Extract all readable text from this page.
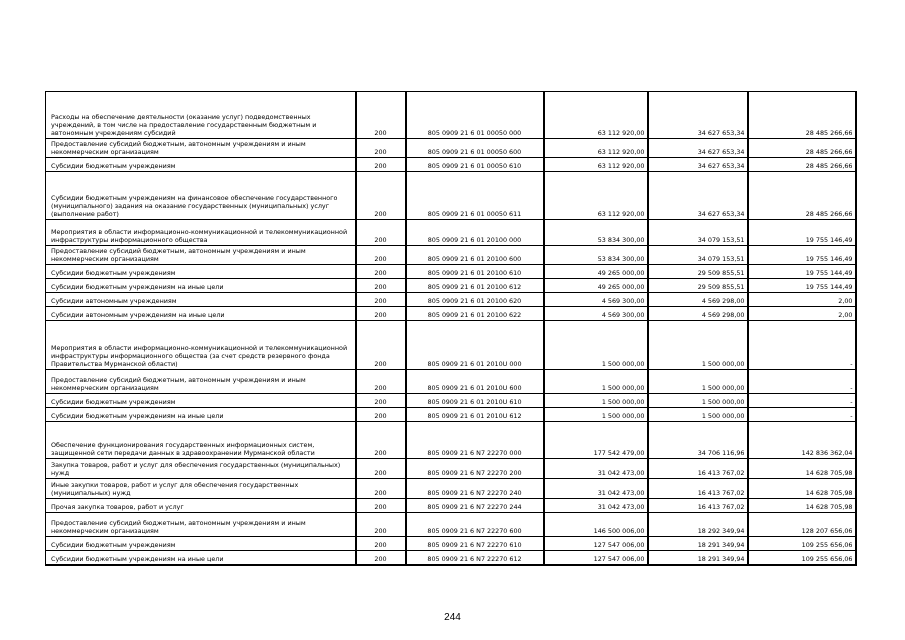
Расходы на обеспечение деятельности (оказание услуг) подведомственных учреждений, в том числе на предоставление государственным бюджетным и автономным учреждениям субсидий	200	805 0909 21 6 01 00050 000	63 112 920,00	34 627 653,34	28 485 266,66
Предоставление субсидий бюджетным, автономным учреждениям и иным некоммерческим организациям	200	805 0909 21 6 01 00050 600	63 112 920,00	34 627 653,34	28 485 266,66
Субсидии бюджетным учреждениям	200	805 0909 21 6 01 00050 610	63 112 920,00	34 627 653,34	28 485 266,66
Субсидии бюджетным учреждениям на финансовое обеспечение государственного (муниципального) задания на оказание государственных (муниципальных) услуг (выполнение работ)	200	805 0909 21 6 01 00050 611	63 112 920,00	34 627 653,34	28 485 266,66
Мероприятия в области информационно-коммуникационной и телекоммуникационной инфраструктуры информационного общества	200	805 0909 21 6 01 20100 000	53 834 300,00	34 079 153,51	19 755 146,49
Предоставление субсидий бюджетным, автономным учреждениям и иным некоммерческим организациям	200	805 0909 21 6 01 20100 600	53 834 300,00	34 079 153,51	19 755 146,49
Субсидии бюджетным учреждениям	200	805 0909 21 6 01 20100 610	49 265 000,00	29 509 855,51	19 755 144,49
Субсидии бюджетным учреждениям на иные цели	200	805 0909 21 6 01 20100 612	49 265 000,00	29 509 855,51	19 755 144,49
Субсидии автономным учреждениям	200	805 0909 21 6 01 20100 620	4 569 300,00	4 569 298,00	2,00
Субсидии автономным учреждениям на иные цели	200	805 0909 21 6 01 20100 622	4 569 300,00	4 569 298,00	2,00
Мероприятия в области информационно-коммуникационной и телекоммуникационной инфраструктуры информационного общества (за счет средств резервного фонда Правительства Мурманской области)	200	805 0909 21 6 01 2010U 000	1 500 000,00	1 500 000,00	-
Предоставление субсидий бюджетным, автономным учреждениям и иным некоммерческим организациям	200	805 0909 21 6 01 2010U 600	1 500 000,00	1 500 000,00	-
Субсидии бюджетным учреждениям	200	805 0909 21 6 01 2010U 610	1 500 000,00	1 500 000,00	-
Субсидии бюджетным учреждениям на иные цели	200	805 0909 21 6 01 2010U 612	1 500 000,00	1 500 000,00	-
Обеспечение функционирования государственных информационных систем, защищенной сети передачи данных в здравоохранении Мурманской области	200	805 0909 21 6 N7 22270 000	177 542 479,00	34 706 116,96	142 836 362,04
Закупка товаров, работ и услуг для обеспечения государственных (муниципальных) нужд	200	805 0909 21 6 N7 22270 200	31 042 473,00	16 413 767,02	14 628 705,98
Иные закупки товаров, работ и услуг для обеспечения государственных (муниципальных) нужд	200	805 0909 21 6 N7 22270 240	31 042 473,00	16 413 767,02	14 628 705,98
Прочая закупка товаров, работ и услуг	200	805 0909 21 6 N7 22270 244	31 042 473,00	16 413 767,02	14 628 705,98
Предоставление субсидий бюджетным, автономным учреждениям и иным некоммерческим организациям	200	805 0909 21 6 N7 22270 600	146 500 006,00	18 292 349,94	128 207 656,06
Субсидии бюджетным учреждениям	200	805 0909 21 6 N7 22270 610	127 547 006,00	18 291 349,94	109 255 656,06
Субсидии бюджетным учреждениям на иные цели	200	805 0909 21 6 N7 22270 612	127 547 006,00	18 291 349,94	109 255 656,06
244
